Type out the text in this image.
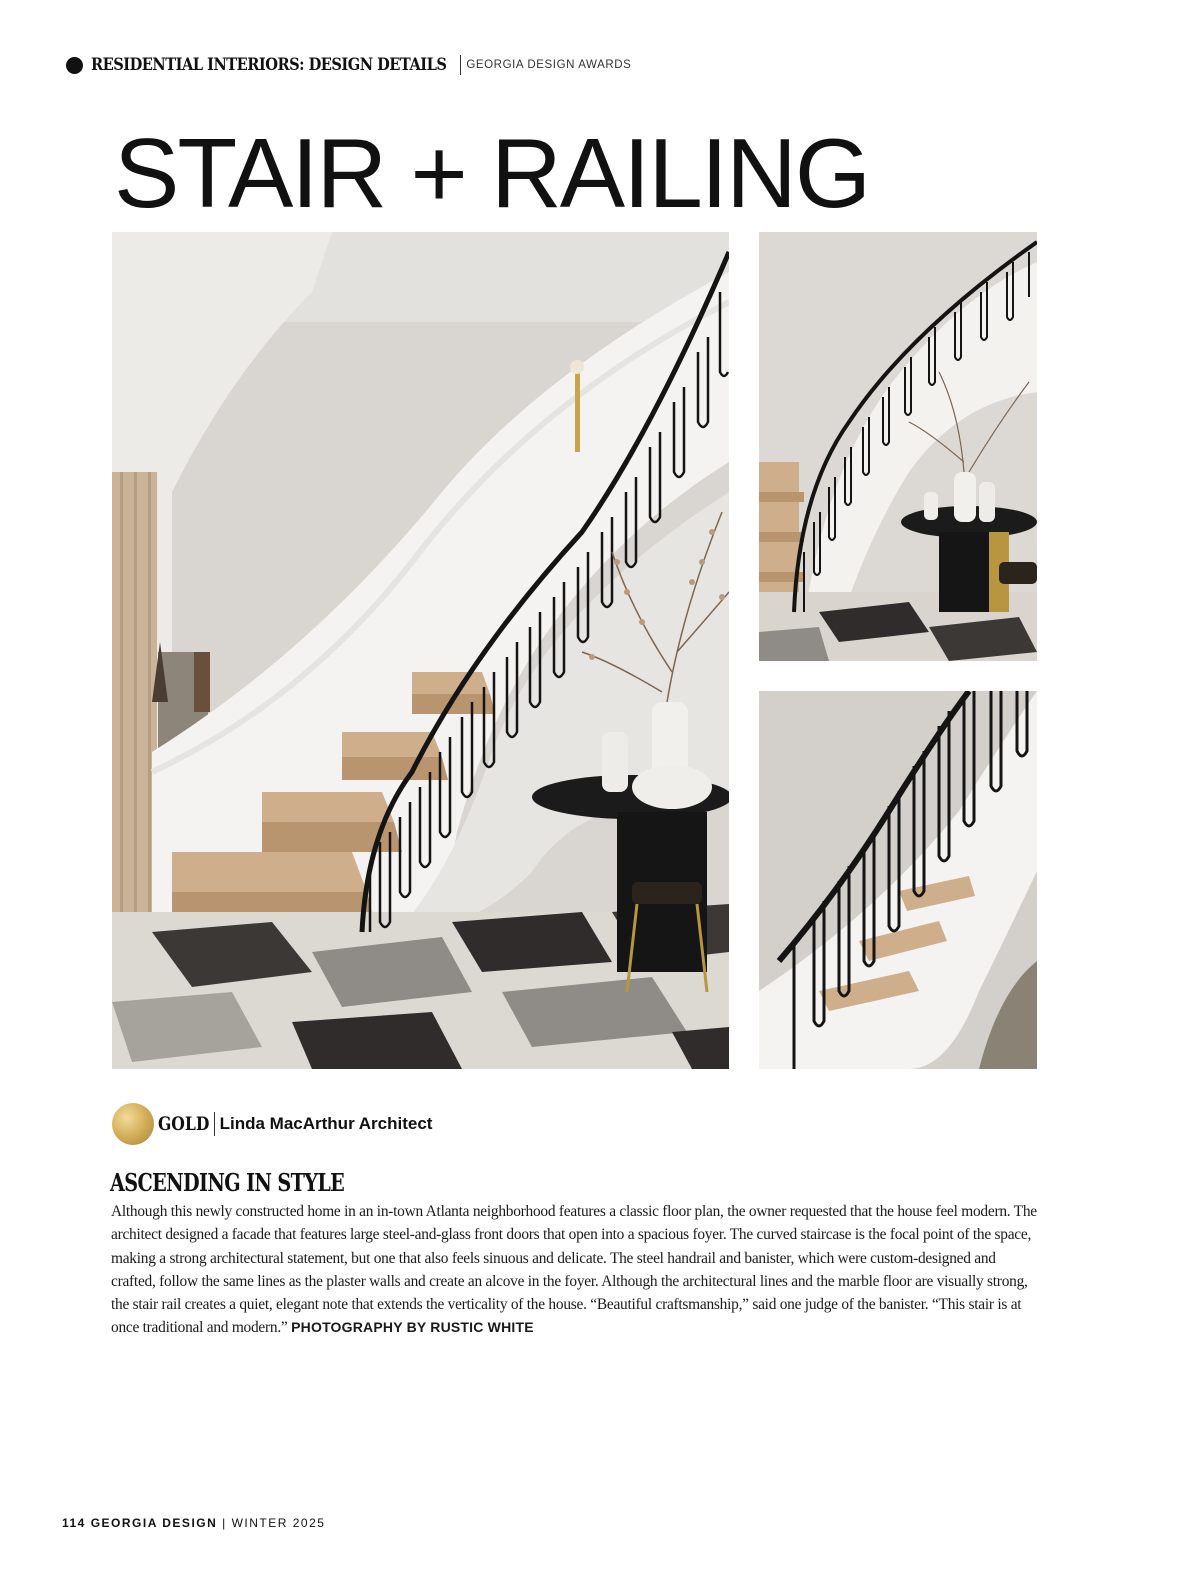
RESIDENTIAL INTERIORS: DESIGN DETAILS GEORGIA DESIGN AWARDS
STAIR + RAILING
GOLD Linda MacArthur Architect
ASCENDING IN STYLE

Although this newly constructed home in an in-town Atlanta neighborhood features a classic floor plan, the owner requested that the house feel modern. The architect designed a facade that features large steel-and-glass front doors that open into a spacious foyer. The curved staircase is the focal point of the space, making a strong architectural statement, but one that also feels sinuous and delicate. The steel handrail and banister, which were custom-designed and crafted, follow the same lines as the plaster walls and create an alcove in the foyer. Although the architectural lines and the marble floor are visually strong, the stair rail creates a quiet, elegant note that extends the verticality of the house. “Beautiful craftsmanship,” said one judge of the banister. “This stair is at once traditional and modern.” PHOTOGRAPHY BY RUSTIC WHITE

114 GEORGIA DESIGN | WINTER 2025
